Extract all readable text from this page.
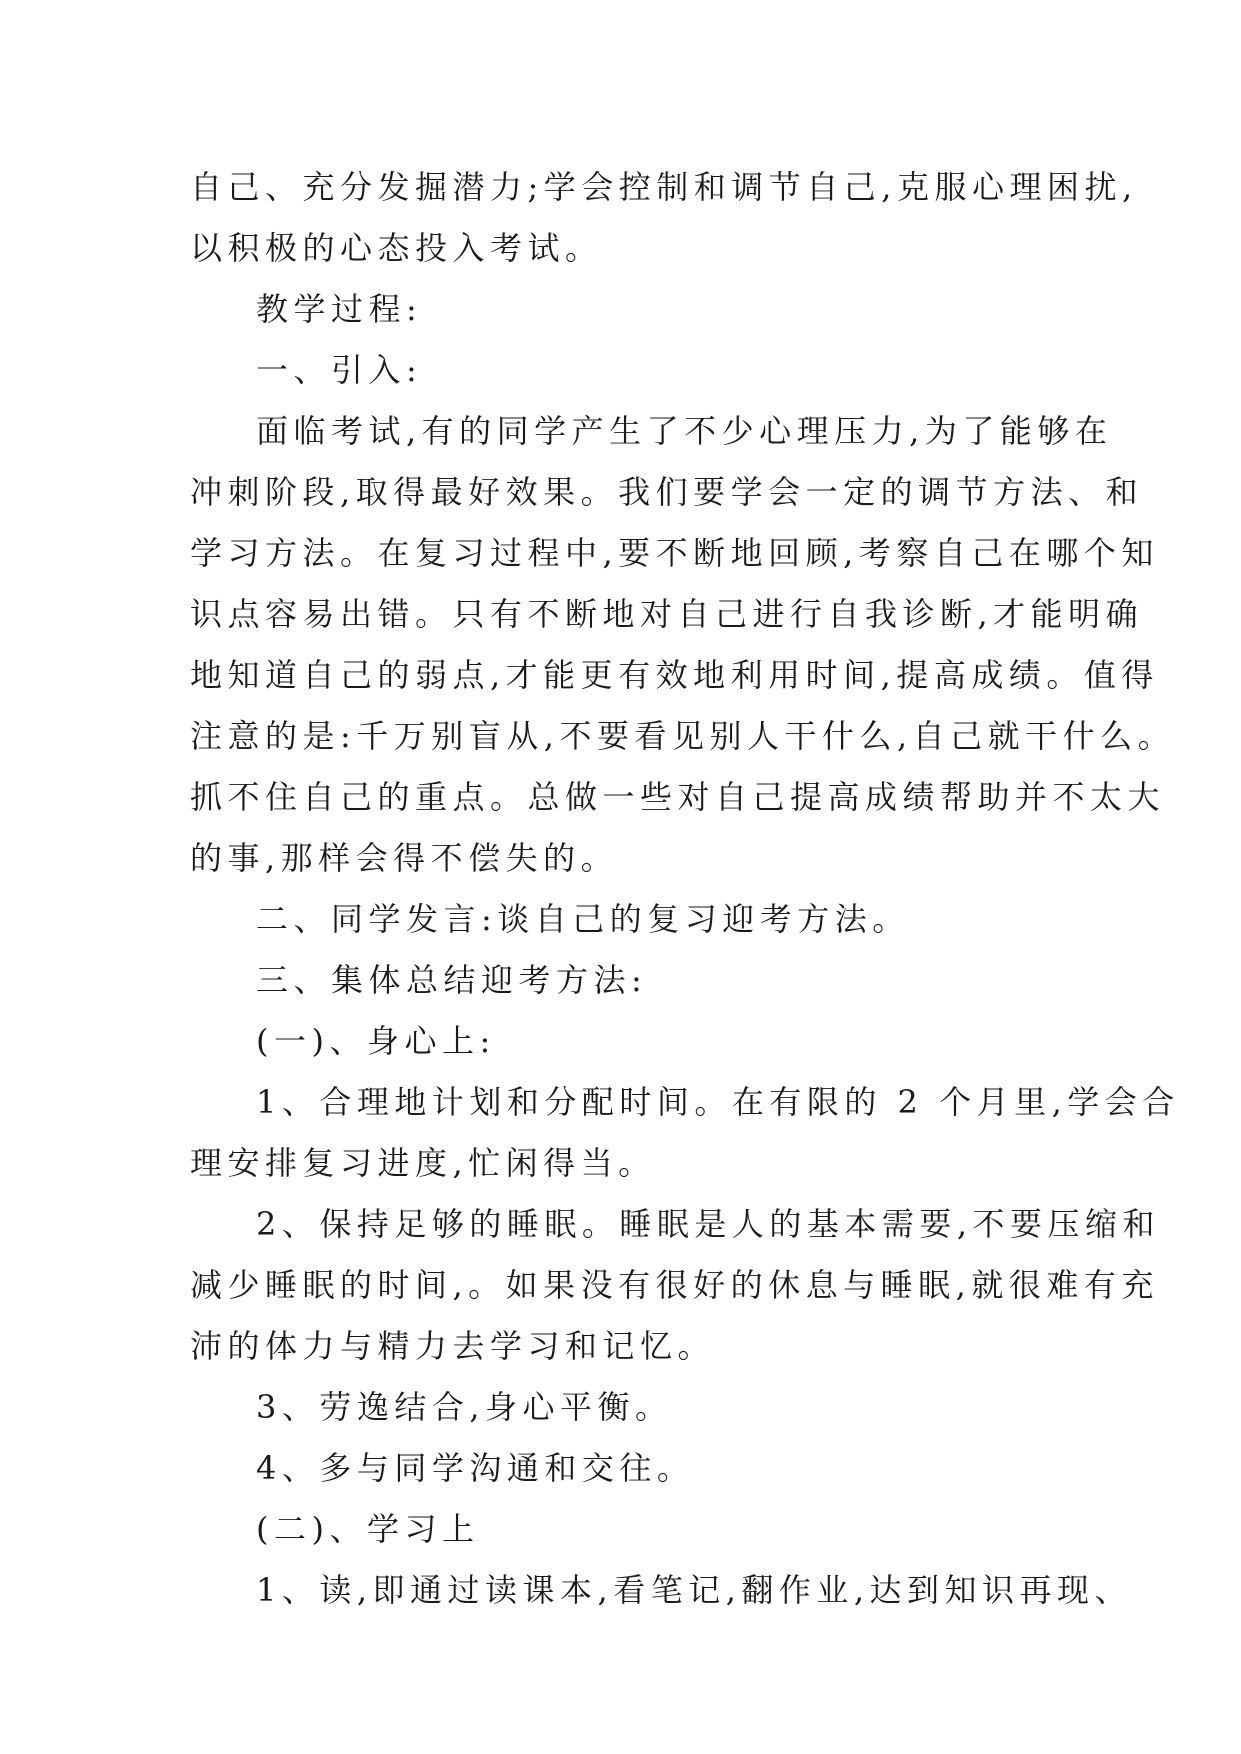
自己、充分发掘潜力;学会控制和调节自己,克服心理困扰,
以积极的心态投入考试。
教学过程:
一、引入:
面临考试,有的同学产生了不少心理压力,为了能够在
冲刺阶段,取得最好效果。我们要学会一定的调节方法、和
学习方法。在复习过程中,要不断地回顾,考察自己在哪个知
识点容易出错。只有不断地对自己进行自我诊断,才能明确
地知道自己的弱点,才能更有效地利用时间,提高成绩。值得
注意的是:千万别盲从,不要看见别人干什么,自己就干什么。
抓不住自己的重点。总做一些对自己提高成绩帮助并不太大
的事,那样会得不偿失的。
二、同学发言:谈自己的复习迎考方法。
三、集体总结迎考方法:
(一)、身心上:
1、合理地计划和分配时间。在有限的 2 个月里,学会合
理安排复习进度,忙闲得当。
2、保持足够的睡眠。睡眠是人的基本需要,不要压缩和
减少睡眠的时间,。如果没有很好的休息与睡眠,就很难有充
沛的体力与精力去学习和记忆。
3、劳逸结合,身心平衡。
4、多与同学沟通和交往。
(二)、学习上
1、读,即通过读课本,看笔记,翻作业,达到知识再现、
